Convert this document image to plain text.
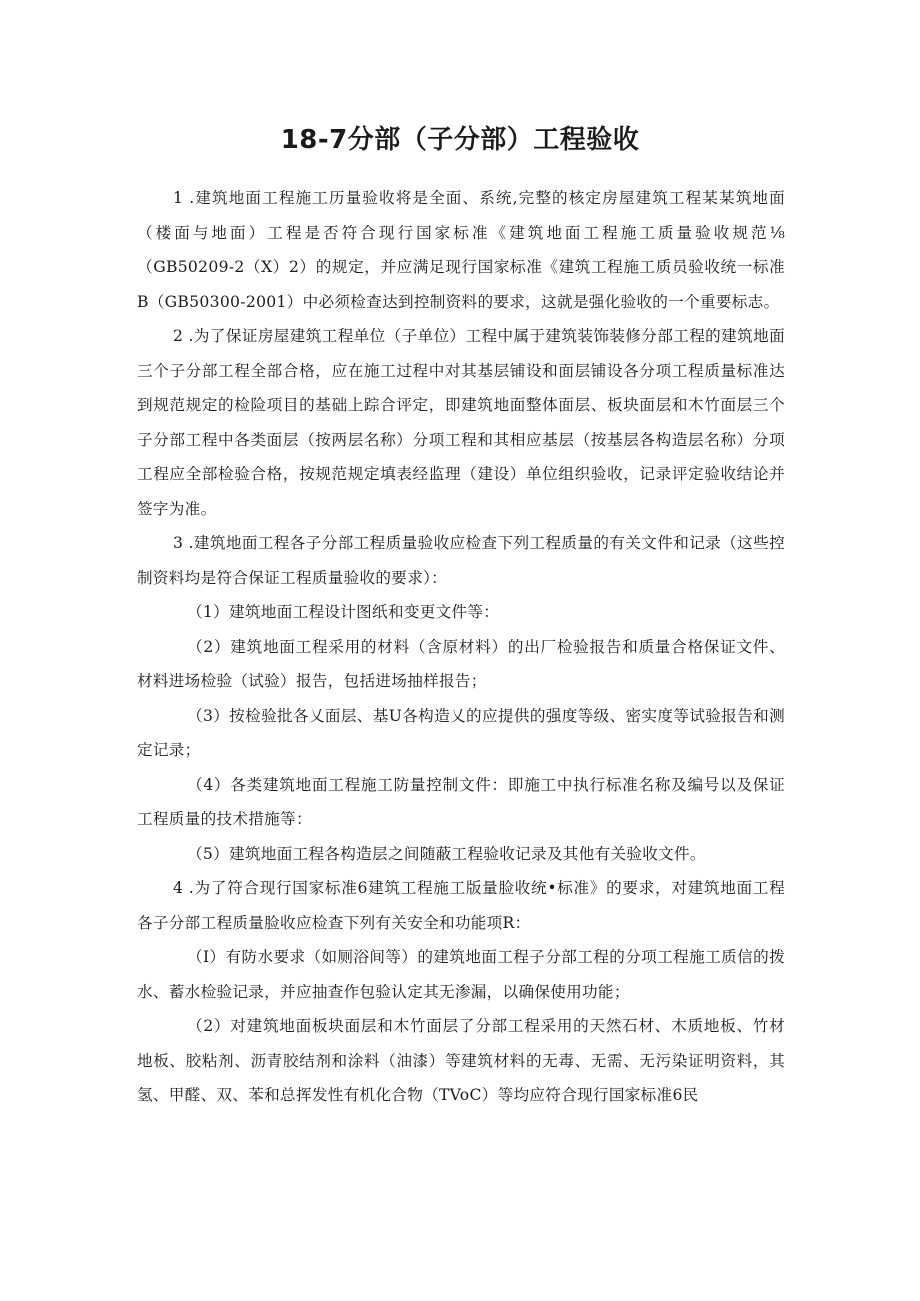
18-7分部（子分部）工程验收

1 .建筑地面工程施工历量验收将是全面、系统,完整的核定房屋建筑工程某某筑地面（楼面与地面）工程是否符合现行国家标准《建筑地面工程施工质量验收规范⅛（GB50209-2（X）2）的规定，并应满足现行国家标准《建筑工程施工质员验收统一标准B（GB50300-2001）中必须检查达到控制资料的要求，这就是强化验收的一个重要标志。

2 .为了保证房屋建筑工程单位（子单位）工程中属于建筑装饰装修分部工程的建筑地面三个子分部工程全部合格，应在施工过程中对其基层铺设和面层铺设各分项工程质量标准达到规范规定的检险项目的基础上踪合评定，即建筑地面整体面层、板块面层和木竹面层三个子分部工程中各类面层（按两层名称）分项工程和其相应基层（按基层各构造层名称）分项工程应全部检验合格，按规范规定填表经监理（建设）单位组织验收，记录评定验收结论并签字为准。

3 .建筑地面工程各子分部工程质量验收应检查下列工程质量的有关文件和记录（这些控制资料均是符合保证工程质量验收的要求）：

（1）建筑地面工程设计图纸和变更文件等：

（2）建筑地面工程采用的材料（含原材料）的出厂检验报告和质量合格保证文件、材料进场检验（试验）报告，包括进场抽样报告；

（3）按检验批各乂面层、基U各构造乂的应提供的强度等级、密实度等试验报告和测定记录；

（4）各类建筑地面工程施工防量控制文件：即施工中执行标准名称及编号以及保证工程质量的技术措施等：

（5）建筑地面工程各构造层之间随蔽工程验收记录及其他有关验收文件。

4 .为了符合现行国家标准6建筑工程施工版量脸收统•标准》的要求，对建筑地面工程各子分部工程质量脸收应检查下列有关安全和功能项R：

（I）有防水要求（如厕浴间等）的建筑地面工程子分部工程的分项工程施工质信的拨水、蓄水检验记录，并应抽查作包验认定其无渗漏，以确保使用功能；

（2）对建筑地面板块面层和木竹面层了分部工程采用的天然石材、木质地板、竹材地板、胶粘剂、沥青胶结剂和涂料（油漆）等建筑材料的无毒、无需、无污染证明资料，其氢、甲醛、双、苯和总挥发性有机化合物（TVoC）等均应符合现行国家标准6民
